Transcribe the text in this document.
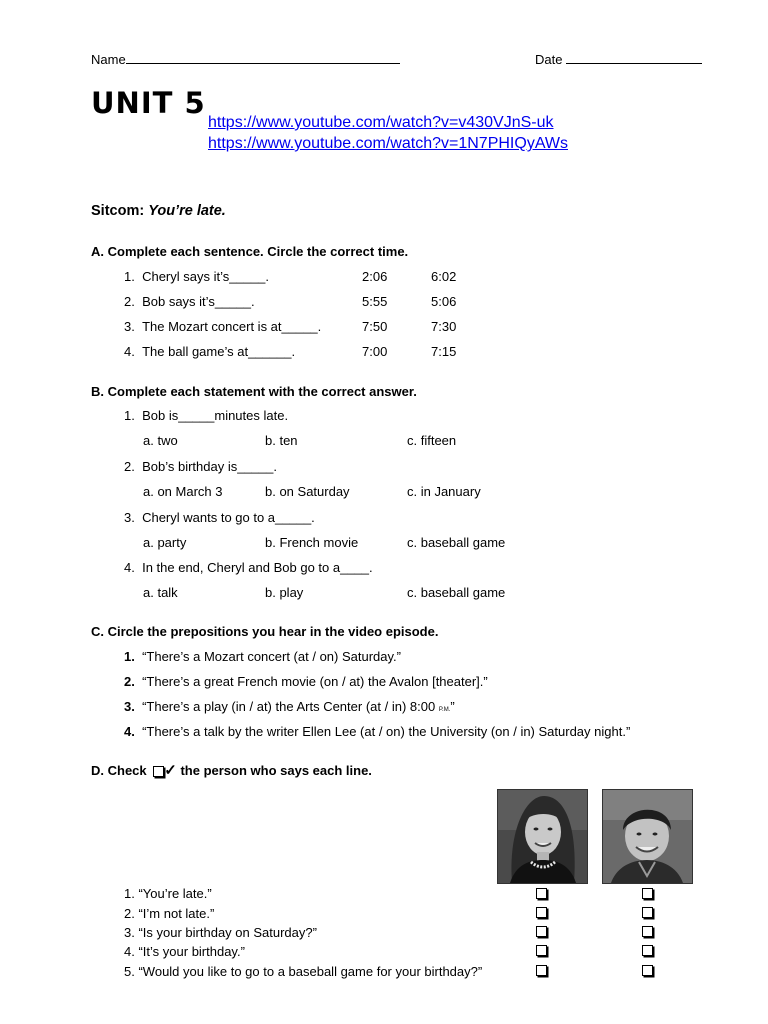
Name	Date
UNIT 5
https://www.youtube.com/watch?v=v430VJnS-uk
https://www.youtube.com/watch?v=1N7PHIQyAWs
Sitcom: You’re late.
A. Complete each sentence. Circle the correct time.
1. Cheryl says it’s_____.	2:06	6:02
2. Bob says it’s_____.	5:55	5:06
3. The Mozart concert is at_____.	7:50	7:30
4. The ball game’s at______.	7:00	7:15
B. Complete each statement with the correct answer.
1. Bob is_____minutes late.
a. two	b. ten	c. fifteen
2. Bob’s birthday is_____.
a. on March 3	b. on Saturday	c. in January
3. Cheryl wants to go to a_____.
a. party	b. French movie	c. baseball game
4. In the end, Cheryl and Bob go to a____.
a. talk	b. play	c. baseball game
C. Circle the prepositions you hear in the video episode.
1. “There’s a Mozart concert (at / on) Saturday.”
2. “There’s a great French movie (on / at) the Avalon [theater].”
3. “There’s a play (in / at) the Arts Center (at / in) 8:00 P.M.”
4. “There’s a talk by the writer Ellen Lee (at / on) the University (on / in) Saturday night.”
D. Check ✓ the person who says each line.
1. “You’re late.”
2. “I’m not late.”
3. “Is your birthday on Saturday?”
4. “It’s your birthday.”
5. “Would you like to go to a baseball game for your birthday?”
